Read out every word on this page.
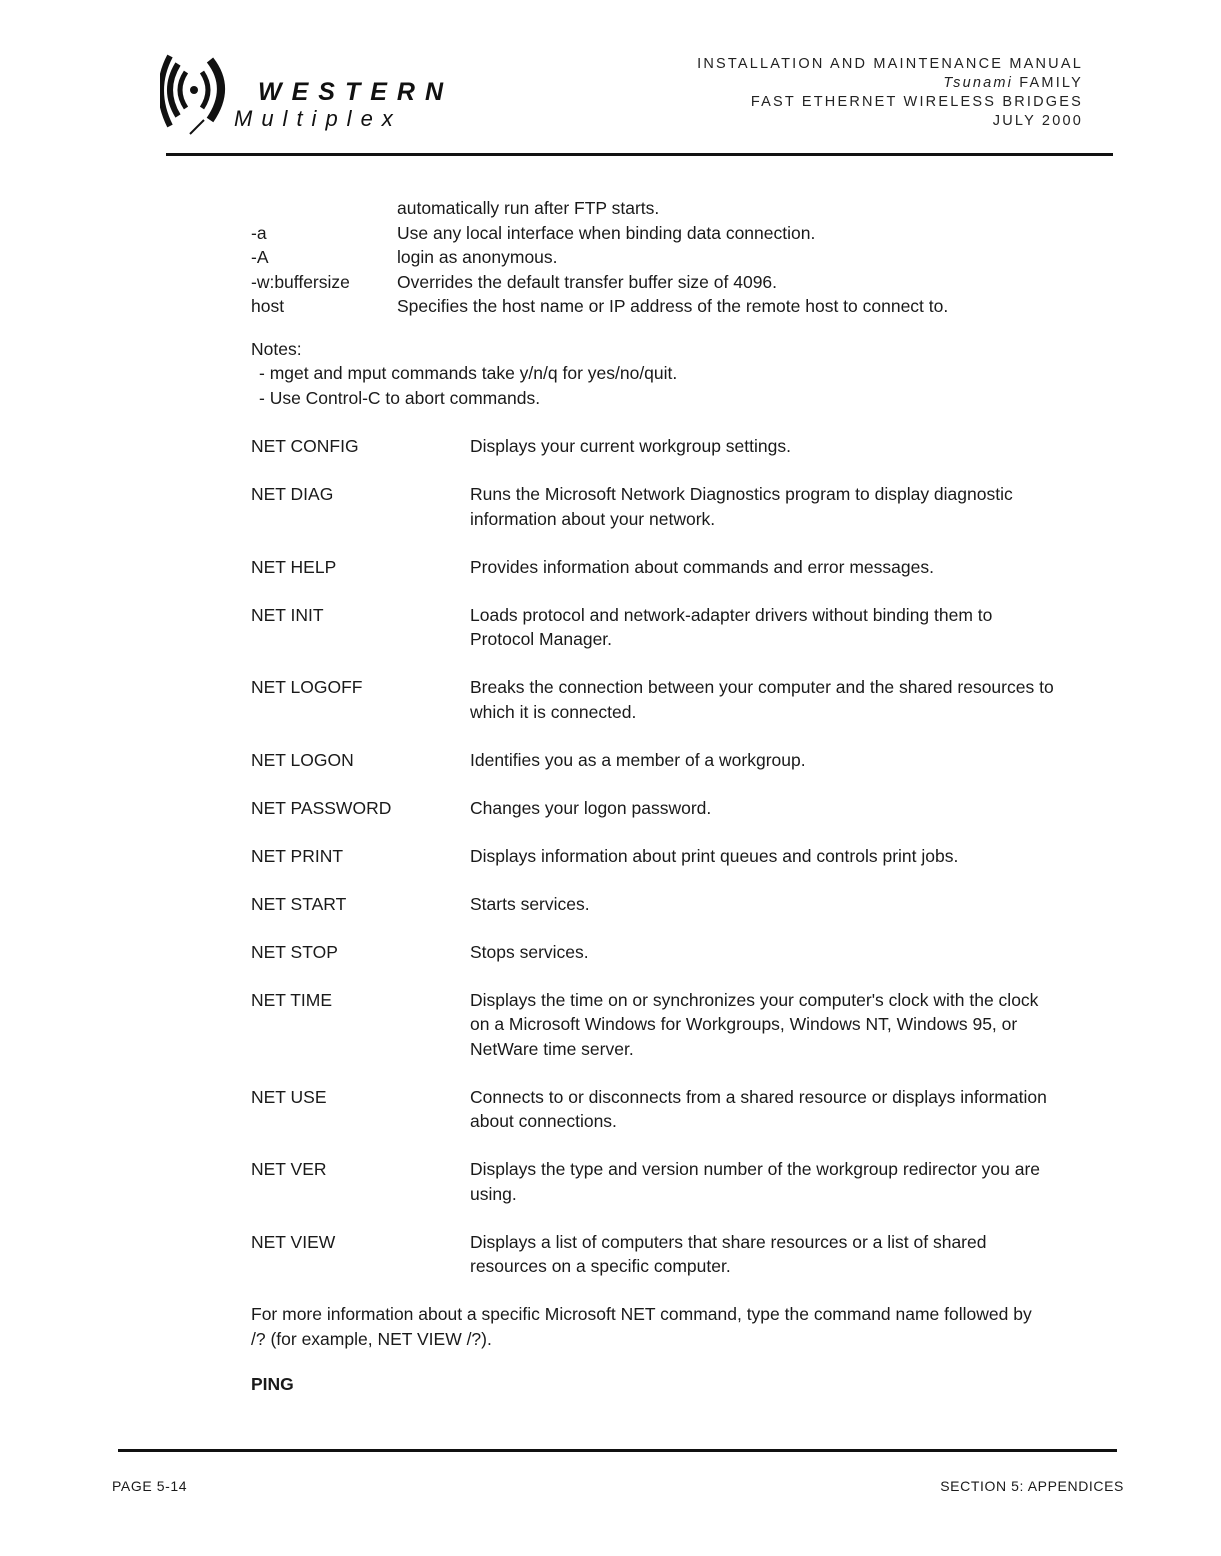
WESTERN
Multiplex
INSTALLATION AND MAINTENANCE MANUAL
Tsunami FAMILY
FAST ETHERNET WIRELESS BRIDGES
JULY 2000
automatically run after FTP starts.
-a	Use any local interface when binding data connection.
-A	login as anonymous.
-w:buffersize	Overrides the default transfer buffer size of 4096.
host	Specifies the host name or IP address of the remote host to connect to.
Notes:
- mget and mput commands take y/n/q for yes/no/quit.
- Use Control-C to abort commands.
NET CONFIG	Displays your current workgroup settings.
NET DIAG	Runs the Microsoft Network Diagnostics program to display diagnostic information about your network.
NET HELP	Provides information about commands and error messages.
NET INIT	Loads protocol and network-adapter drivers without binding them to Protocol Manager.
NET LOGOFF	Breaks the connection between your computer and the shared resources to which it is connected.
NET LOGON	Identifies you as a member of a workgroup.
NET PASSWORD	Changes your logon password.
NET PRINT	Displays information about print queues and controls print jobs.
NET START	Starts services.
NET STOP	Stops services.
NET TIME	Displays the time on or synchronizes your computer's clock with the clock on a Microsoft Windows for Workgroups, Windows NT, Windows 95, or NetWare time server.
NET USE	Connects to or disconnects from a shared resource or displays information about connections.
NET VER	Displays the type and version number of the workgroup redirector you are using.
NET VIEW	Displays a list of computers that share resources or a list of shared resources on a specific computer.
For more information about a specific Microsoft NET command, type the command name followed by /? (for example, NET VIEW /?).
PING
PAGE 5-14	SECTION 5: APPENDICES
